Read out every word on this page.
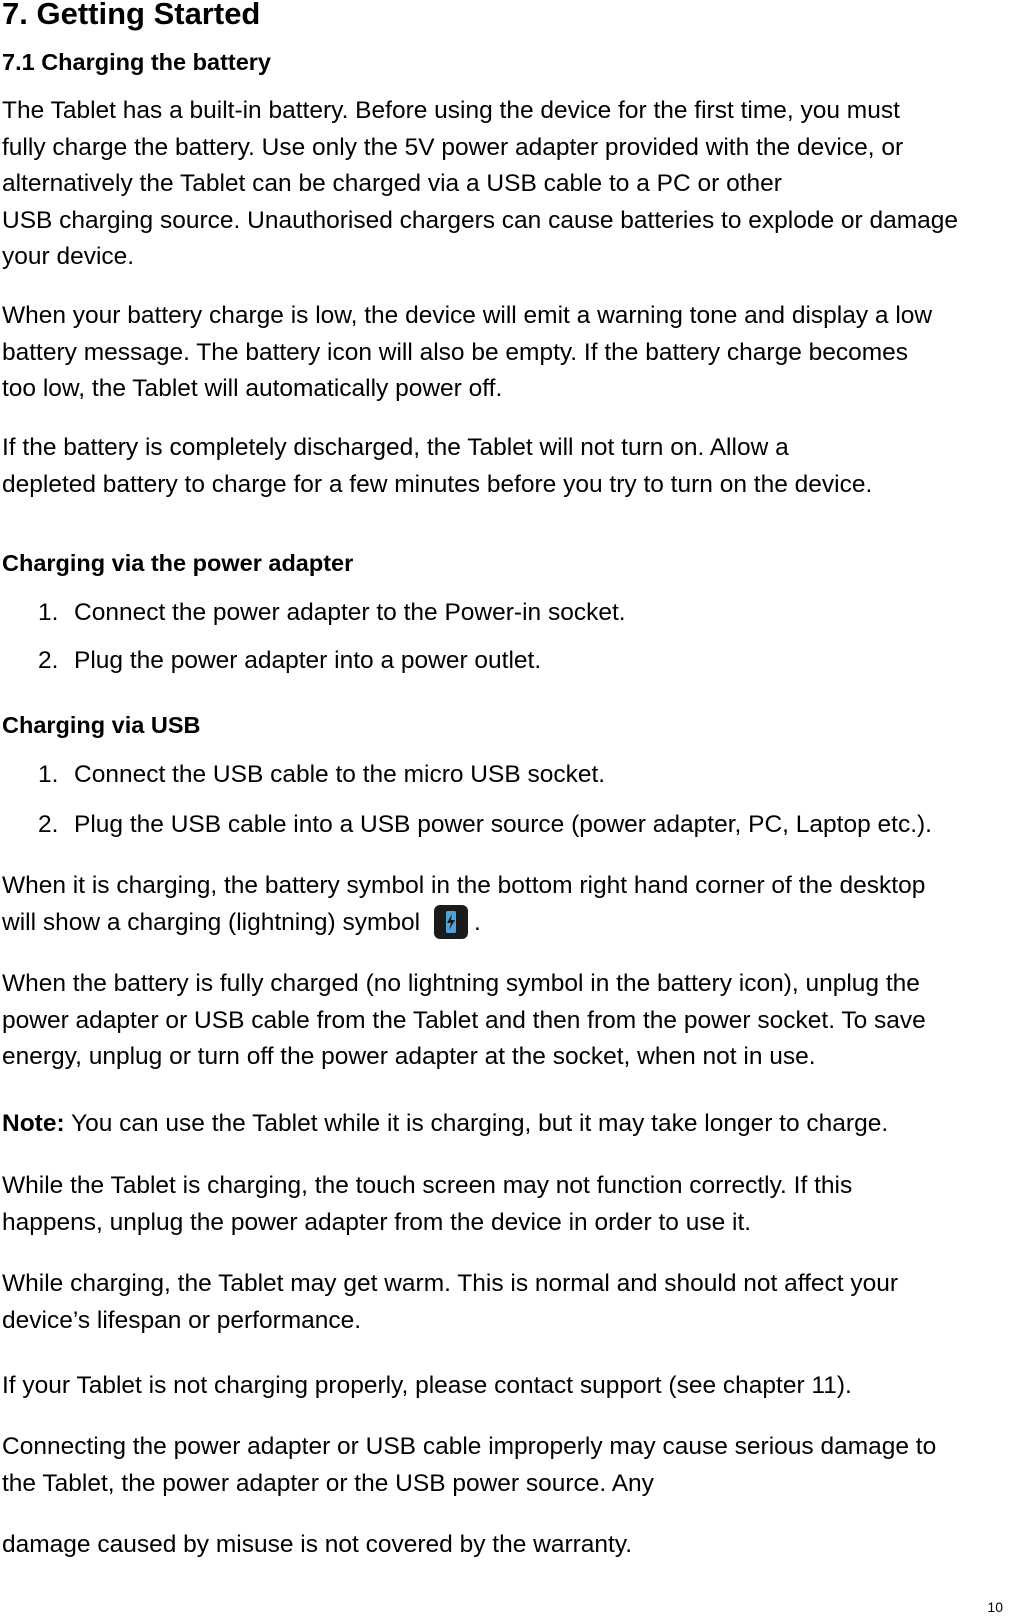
7. Getting Started
7.1 Charging the battery

The Tablet has a built-in battery. Before using the device for the first time, you must
fully charge the battery. Use only the 5V power adapter provided with the device, or
alternatively the Tablet can be charged via a USB cable to a PC or other
USB charging source. Unauthorised chargers can cause batteries to explode or damage
your device.

When your battery charge is low, the device will emit a warning tone and display a low
battery message. The battery icon will also be empty. If the battery charge becomes
too low, the Tablet will automatically power off.

If the battery is completely discharged, the Tablet will not turn on. Allow a
depleted battery to charge for a few minutes before you try to turn on the device.

Charging via the power adapter
1. Connect the power adapter to the Power-in socket.
2. Plug the power adapter into a power outlet.
Charging via USB
1. Connect the USB cable to the micro USB socket.
2. Plug the USB cable into a USB power source (power adapter, PC, Laptop etc.).

When it is charging, the battery symbol in the bottom right hand corner of the desktop
will show a charging (lightning) symbol .

When the battery is fully charged (no lightning symbol in the battery icon), unplug the
power adapter or USB cable from the Tablet and then from the power socket. To save
energy, unplug or turn off the power adapter at the socket, when not in use.

Note: You can use the Tablet while it is charging, but it may take longer to charge.

While the Tablet is charging, the touch screen may not function correctly. If this
happens, unplug the power adapter from the device in order to use it.

While charging, the Tablet may get warm. This is normal and should not affect your
device’s lifespan or performance.

If your Tablet is not charging properly, please contact support (see chapter 11).

Connecting the power adapter or USB cable improperly may cause serious damage to
the Tablet, the power adapter or the USB power source. Any

damage caused by misuse is not covered by the warranty.

10
